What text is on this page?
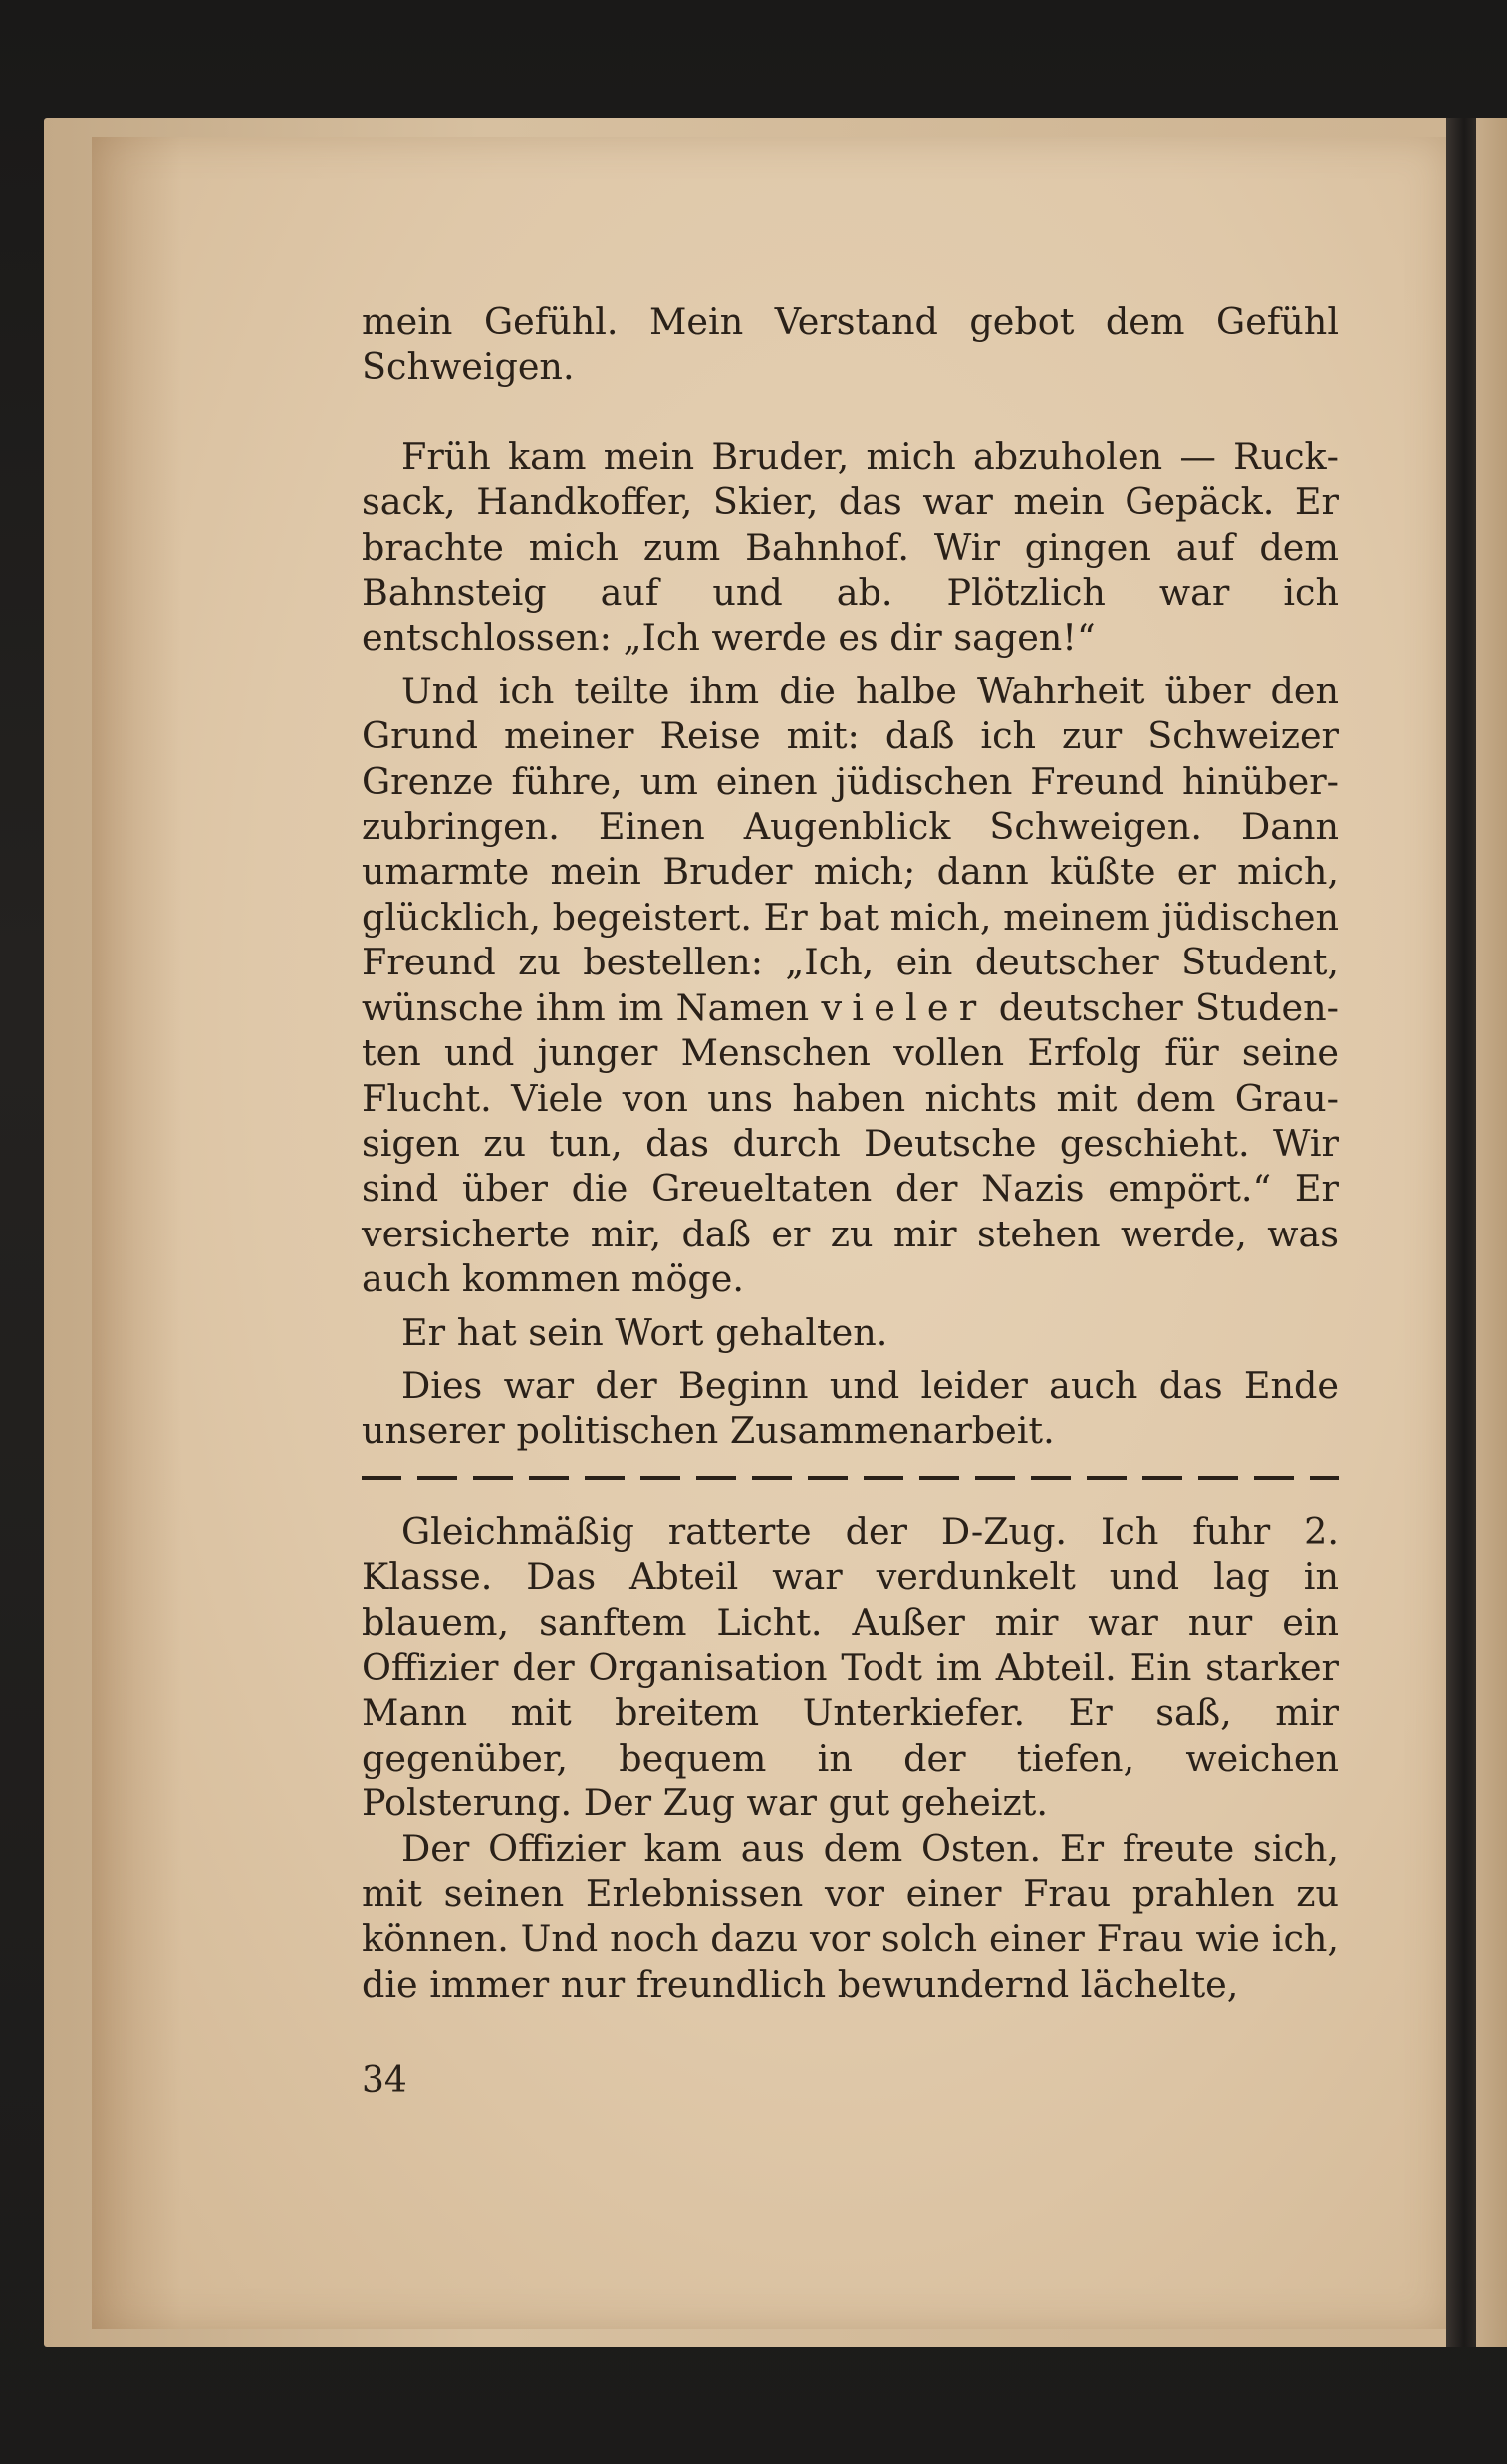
mein Gefühl. Mein Verstand gebot dem Gefühl Schweigen.

Früh kam mein Bruder, mich abzuholen — Rucksack, Handkoffer, Skier, das war mein Gepäck. Er brachte mich zum Bahnhof. Wir gingen auf dem Bahnsteig auf und ab. Plötzlich war ich entschlossen: „Ich werde es dir sagen!“

Und ich teilte ihm die halbe Wahrheit über den Grund meiner Reise mit: daß ich zur Schweizer Grenze führe, um einen jüdischen Freund hinüberzubringen. Einen Augenblick Schweigen. Dann umarmte mein Bruder mich; dann küßte er mich, glücklich, begeistert. Er bat mich, meinem jüdischen Freund zu bestellen: „Ich, ein deutscher Student, wünsche ihm im Namen vieler deutscher Studenten und junger Menschen vollen Erfolg für seine Flucht. Viele von uns haben nichts mit dem Grausigen zu tun, das durch Deutsche geschieht. Wir sind über die Greueltaten der Nazis empört.“ Er versicherte mir, daß er zu mir stehen werde, was auch kommen möge.

Er hat sein Wort gehalten.

Dies war der Beginn und leider auch das Ende unserer politischen Zusammenarbeit.

Gleichmäßig ratterte der D-Zug. Ich fuhr 2. Klasse. Das Abteil war verdunkelt und lag in blauem, sanftem Licht. Außer mir war nur ein Offizier der Organisation Todt im Abteil. Ein starker Mann mit breitem Unterkiefer. Er saß, mir gegenüber, bequem in der tiefen, weichen Polsterung. Der Zug war gut geheizt.

Der Offizier kam aus dem Osten. Er freute sich, mit seinen Erlebnissen vor einer Frau prahlen zu können. Und noch dazu vor solch einer Frau wie ich, die immer nur freundlich bewundernd lächelte,

34
